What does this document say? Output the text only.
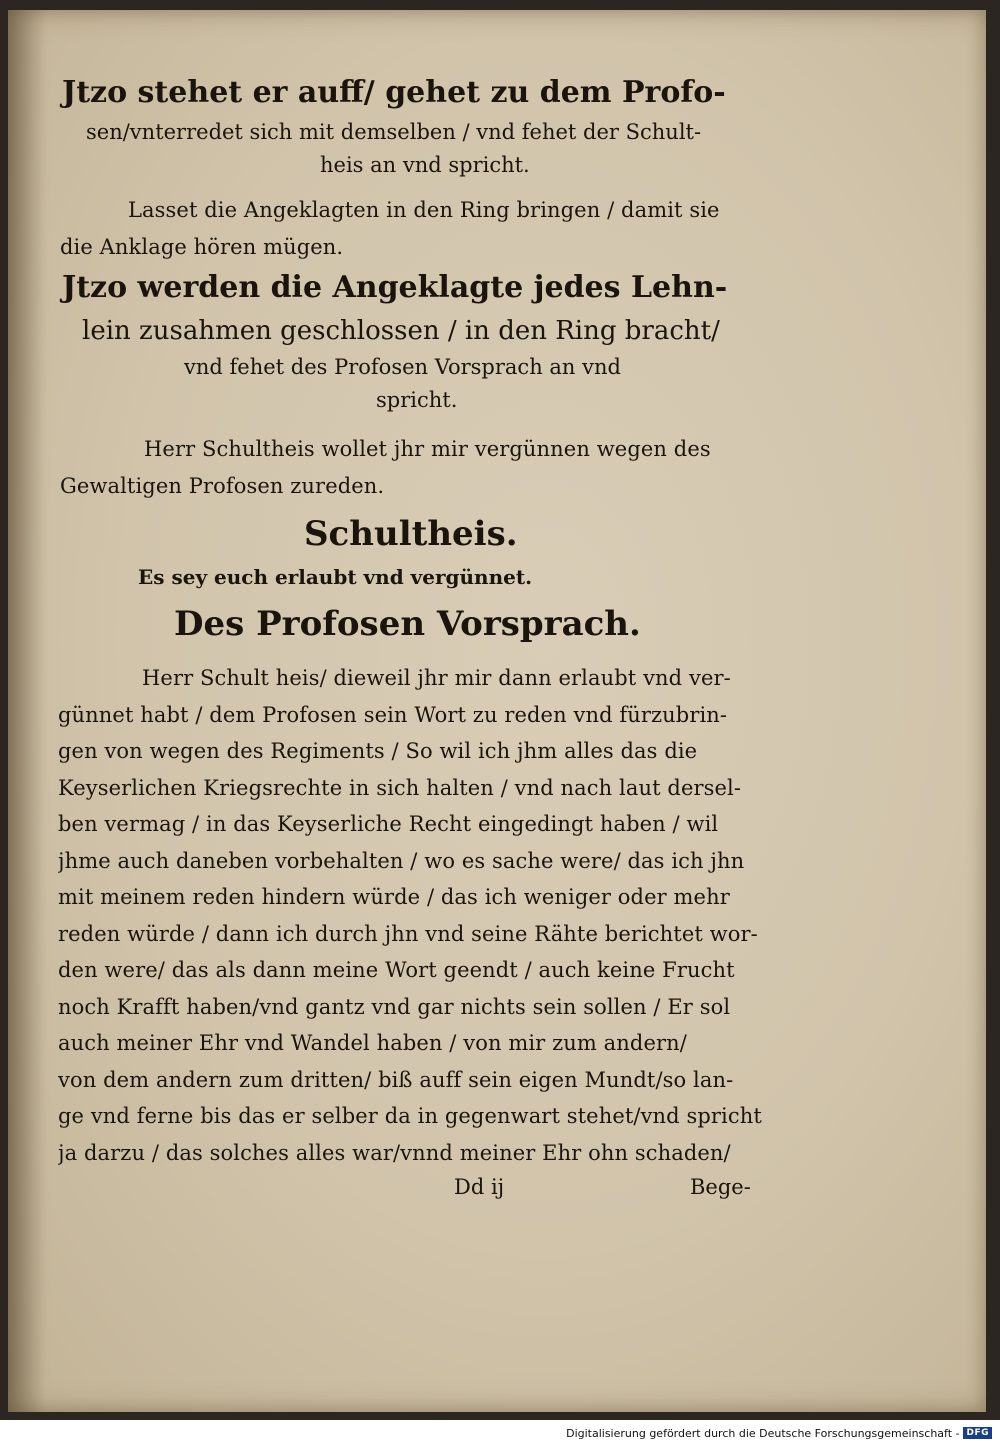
Jtzo stehet er auff/ gehet zu dem Profo-
sen/vnterredet sich mit demselben / vnd fehet der Schult-
heis an vnd spricht.
Lasset die Angeklagten in den Ring bringen / damit sie
die Anklage hören mügen.
Jtzo werden die Angeklagte jedes Lehn-
lein zusahmen geschlossen / in den Ring bracht/
vnd fehet des Profosen Vorsprach an vnd
spricht.
Herr Schultheis wollet jhr mir vergünnen wegen des
Gewaltigen Profosen zureden.
Schultheis.
Es sey euch erlaubt vnd vergünnet.
Des Profosen Vorsprach.
Herr Schult heis/ dieweil jhr mir dann erlaubt vnd ver-
günnet habt / dem Profosen sein Wort zu reden vnd fürzubrin-
gen von wegen des Regiments / So wil ich jhm alles das die
Keyserlichen Kriegsrechte in sich halten / vnd nach laut dersel-
ben vermag / in das Keyserliche Recht eingedingt haben / wil
jhme auch daneben vorbehalten / wo es sache were/ das ich jhn
mit meinem reden hindern würde / das ich weniger oder mehr
reden würde / dann ich durch jhn vnd seine Rähte berichtet wor-
den were/ das als dann meine Wort geendt / auch keine Frucht
noch Krafft haben/vnd gantz vnd gar nichts sein sollen / Er sol
auch meiner Ehr vnd Wandel haben / von mir zum andern/
von dem andern zum dritten/ biß auff sein eigen Mundt/so lan-
ge vnd ferne bis das er selber da in gegenwart stehet/vnd spricht
ja darzu / das solches alles war/vnnd meiner Ehr ohn schaden/
Dd ij	Bege-
Digitalisierung gefördert durch die Deutsche Forschungsgemeinschaft - DFG
